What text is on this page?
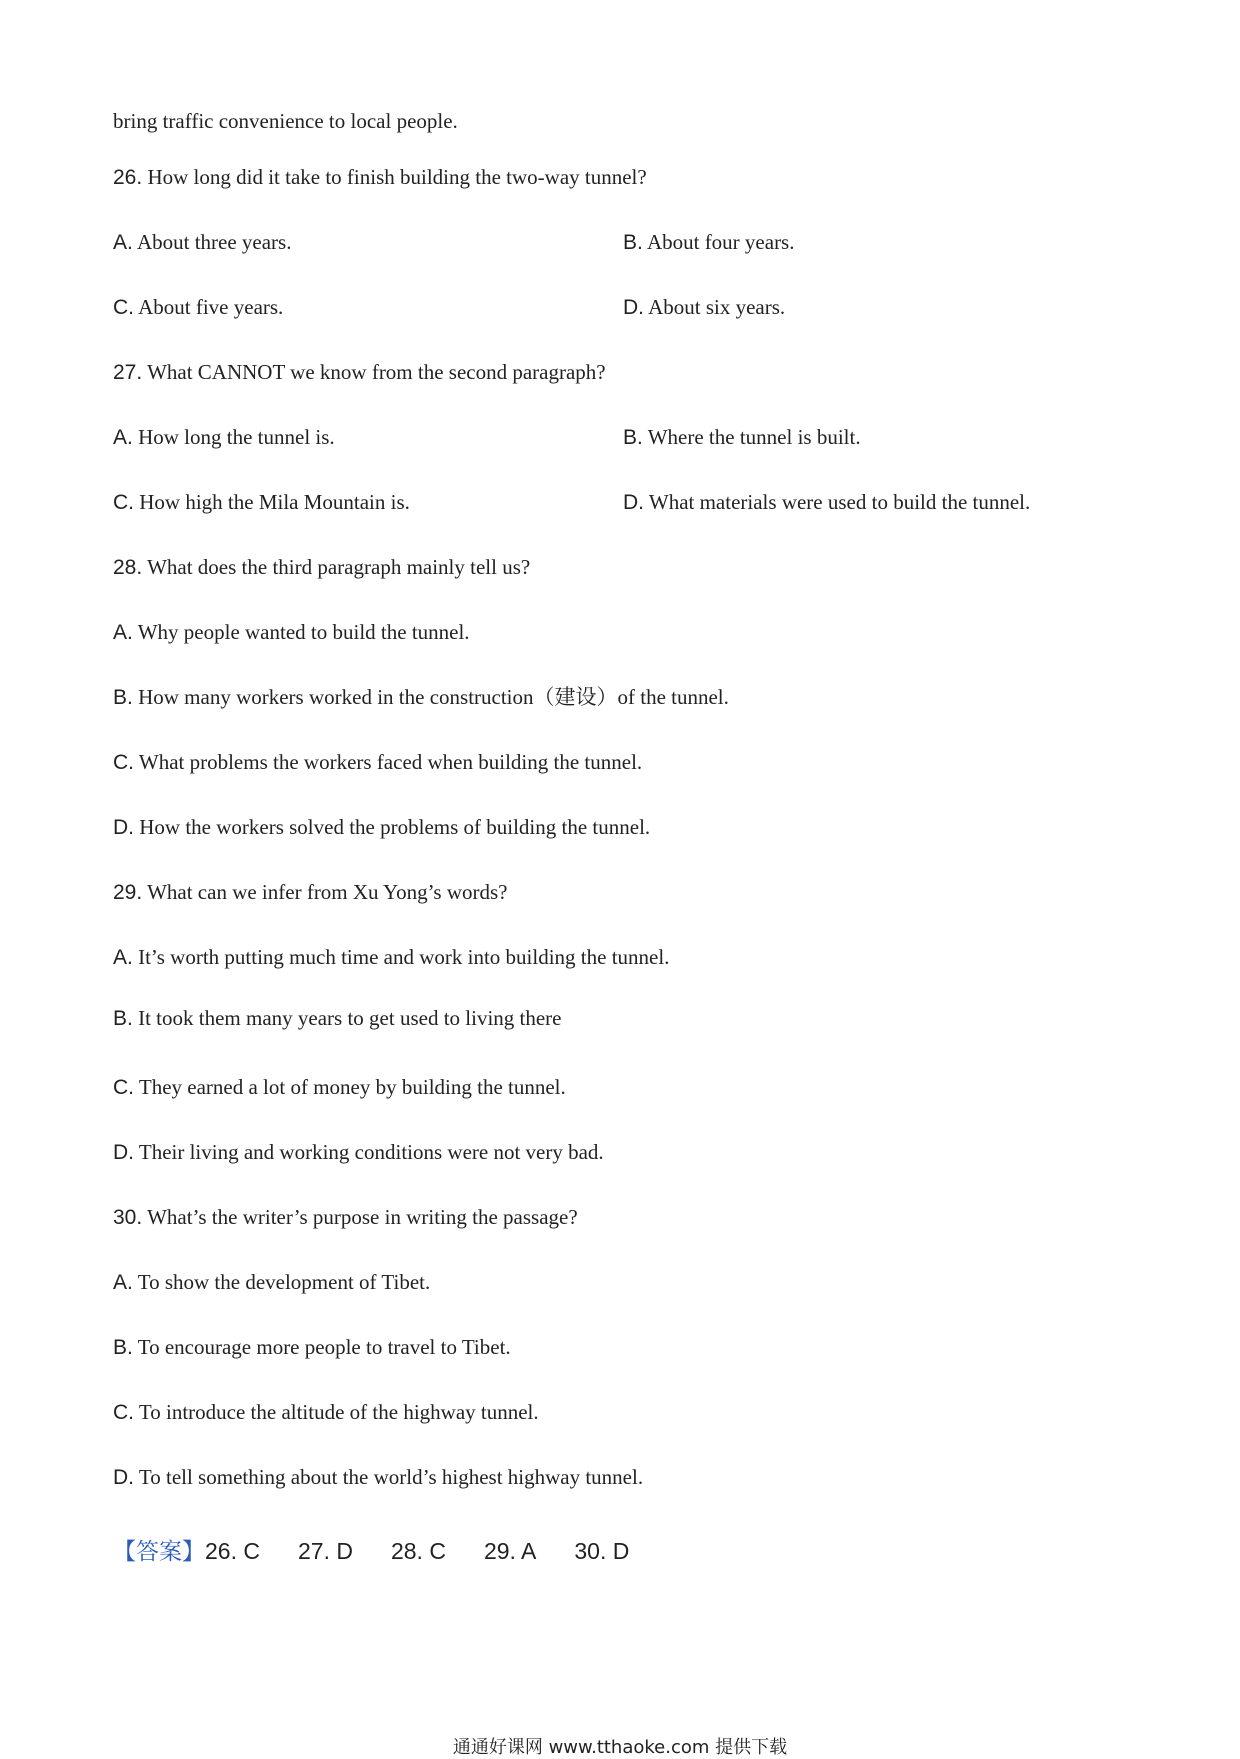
bring traffic convenience to local people.
26. How long did it take to finish building the two-way tunnel?
A. About three years.	B. About four years.
C. About five years.	D. About six years.
27. What CANNOT we know from the second paragraph?
A. How long the tunnel is.	B. Where the tunnel is built.
C. How high the Mila Mountain is.	D. What materials were used to build the tunnel.
28. What does the third paragraph mainly tell us?
A. Why people wanted to build the tunnel.
B. How many workers worked in the construction（建设）of the tunnel.
C. What problems the workers faced when building the tunnel.
D. How the workers solved the problems of building the tunnel.
29. What can we infer from Xu Yong’s words?
A. It’s worth putting much time and work into building the tunnel.
B. It took them many years to get used to living there
C. They earned a lot of money by building the tunnel.
D. Their living and working conditions were not very bad.
30. What’s the writer’s purpose in writing the passage?
A. To show the development of Tibet.
B. To encourage more people to travel to Tibet.
C. To introduce the altitude of the highway tunnel.
D. To tell something about the world’s highest highway tunnel.
【答案】26. C 27. D 28. C 29. A 30. D
通通好课网 www.tthaoke.com 提供下载
